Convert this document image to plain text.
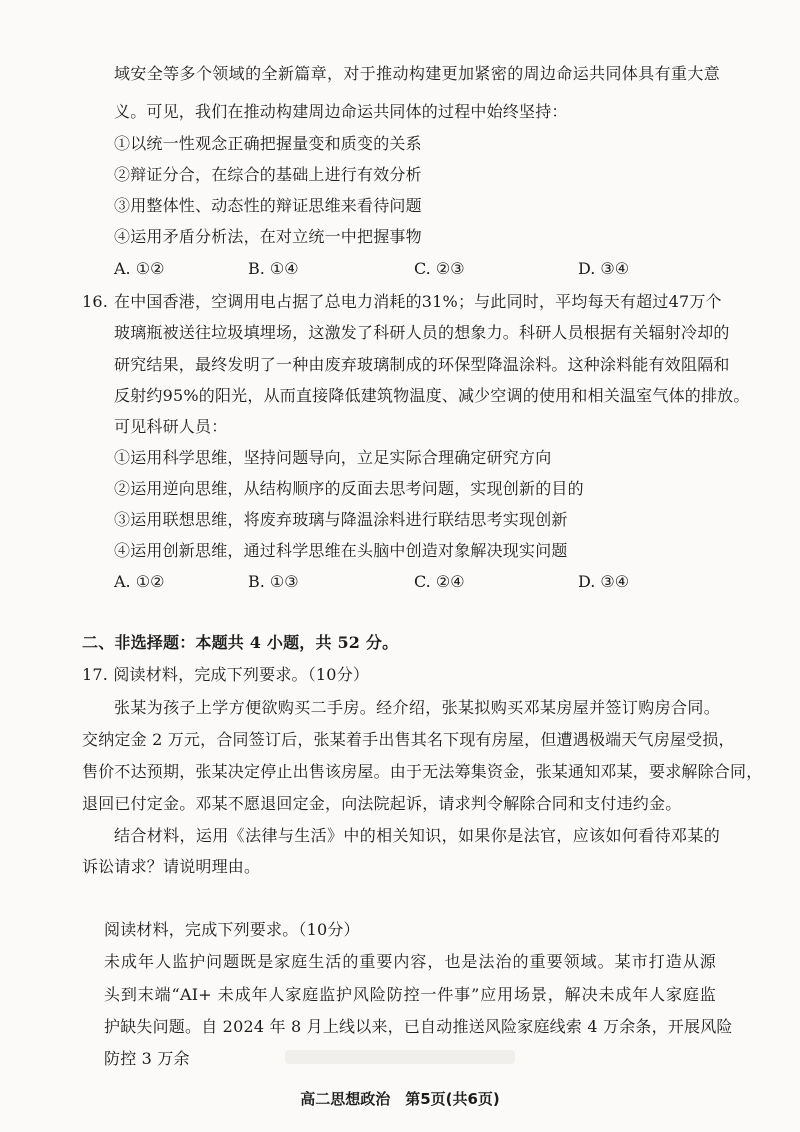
域安全等多个领域的全新篇章，对于推动构建更加紧密的周边命运共同体具有重大意
义。可见，我们在推动构建周边命运共同体的过程中始终坚持：
①以统一性观念正确把握量变和质变的关系
②辩证分合，在综合的基础上进行有效分析
③用整体性、动态性的辩证思维来看待问题
④运用矛盾分析法，在对立统一中把握事物
A. ①②	B. ①④	C. ②③	D. ③④
16. 在中国香港，空调用电占据了总电力消耗的31%；与此同时，平均每天有超过47万个
玻璃瓶被送往垃圾填埋场，这激发了科研人员的想象力。科研人员根据有关辐射冷却的
研究结果，最终发明了一种由废弃玻璃制成的环保型降温涂料。这种涂料能有效阻隔和
反射约95%的阳光，从而直接降低建筑物温度、减少空调的使用和相关温室气体的排放。
可见科研人员：
①运用科学思维，坚持问题导向，立足实际合理确定研究方向
②运用逆向思维，从结构顺序的反面去思考问题，实现创新的目的
③运用联想思维，将废弃玻璃与降温涂料进行联结思考实现创新
④运用创新思维，通过科学思维在头脑中创造对象解决现实问题
A. ①②	B. ①③	C. ②④	D. ③④
二、非选择题：本题共 4 小题，共 52 分。
17. 阅读材料，完成下列要求。（10分）
张某为孩子上学方便欲购买二手房。经介绍，张某拟购买邓某房屋并签订购房合同。
交纳定金 2 万元，合同签订后，张某着手出售其名下现有房屋，但遭遇极端天气房屋受损，
售价不达预期，张某决定停止出售该房屋。由于无法筹集资金，张某通知邓某，要求解除合同，
退回已付定金。邓某不愿退回定金，向法院起诉，请求判令解除合同和支付违约金。
结合材料，运用《法律与生活》中的相关知识，如果你是法官，应该如何看待邓某的
诉讼请求？请说明理由。
阅读材料，完成下列要求。（10分）
未成年人监护问题既是家庭生活的重要内容，也是法治的重要领域。某市打造从源
头到末端“AI+ 未成年人家庭监护风险防控一件事”应用场景，解决未成年人家庭监
护缺失问题。自 2024 年 8 月上线以来，已自动推送风险家庭线索 4 万余条，开展风险
防控 3 万余
高二思想政治　第5页(共6页)
